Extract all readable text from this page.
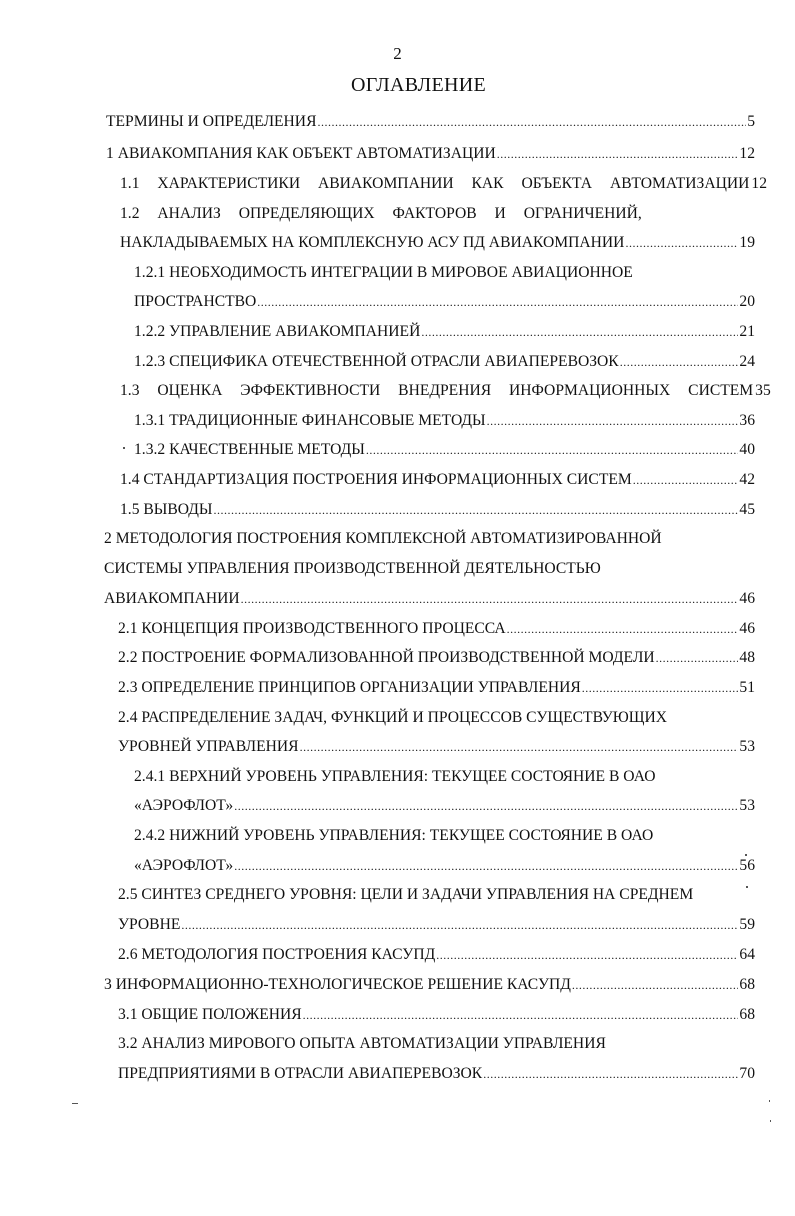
2
ОГЛАВЛЕНИЕ
ТЕРМИНЫ И ОПРЕДЕЛЕНИЯ .....	5
1 АВИАКОМПАНИЯ КАК ОБЪЕКТ АВТОМАТИЗАЦИИ .....	12
1.1 ХАРАКТЕРИСТИКИ АВИАКОМПАНИИ КАК ОБЪЕКТА АВТОМАТИЗАЦИИ 12
1.2 АНАЛИЗ ОПРЕДЕЛЯЮЩИХ ФАКТОРОВ И ОГРАНИЧЕНИЙ,
НАКЛАДЫВАЕМЫХ НА КОМПЛЕКСНУЮ АСУ ПД АВИАКОМПАНИИ .....	19
1.2.1 НЕОБХОДИМОСТЬ ИНТЕГРАЦИИ В МИРОВОЕ АВИАЦИОННОЕ
ПРОСТРАНСТВО .....	20
1.2.2 УПРАВЛЕНИЕ АВИАКОМПАНИЕЙ .....	21
1.2.3 СПЕЦИФИКА ОТЕЧЕСТВЕННОЙ ОТРАСЛИ АВИАПЕРЕВОЗОК .....	24
1.3 ОЦЕНКА ЭФФЕКТИВНОСТИ ВНЕДРЕНИЯ ИНФОРМАЦИОННЫХ СИСТЕМ 35
1.3.1 ТРАДИЦИОННЫЕ ФИНАНСОВЫЕ МЕТОДЫ .....	36
1.3.2 КАЧЕСТВЕННЫЕ МЕТОДЫ .....	40
1.4 СТАНДАРТИЗАЦИЯ ПОСТРОЕНИЯ ИНФОРМАЦИОННЫХ СИСТЕМ .....	42
1.5 ВЫВОДЫ .....	45
2 МЕТОДОЛОГИЯ ПОСТРОЕНИЯ КОМПЛЕКСНОЙ АВТОМАТИЗИРОВАННОЙ
СИСТЕМЫ УПРАВЛЕНИЯ ПРОИЗВОДСТВЕННОЙ ДЕЯТЕЛЬНОСТЬЮ
АВИАКОМПАНИИ .....	46
2.1 КОНЦЕПЦИЯ ПРОИЗВОДСТВЕННОГО ПРОЦЕССА .....	46
2.2 ПОСТРОЕНИЕ ФОРМАЛИЗОВАННОЙ ПРОИЗВОДСТВЕННОЙ МОДЕЛИ .....	48
2.3 ОПРЕДЕЛЕНИЕ ПРИНЦИПОВ ОРГАНИЗАЦИИ УПРАВЛЕНИЯ .....	51
2.4 РАСПРЕДЕЛЕНИЕ ЗАДАЧ, ФУНКЦИЙ И ПРОЦЕССОВ СУЩЕСТВУЮЩИХ
УРОВНЕЙ УПРАВЛЕНИЯ .....	53
2.4.1 ВЕРХНИЙ УРОВЕНЬ УПРАВЛЕНИЯ: ТЕКУЩЕЕ СОСТОЯНИЕ В ОАО
«АЭРОФЛОТ» .....	53
2.4.2 НИЖНИЙ УРОВЕНЬ УПРАВЛЕНИЯ: ТЕКУЩЕЕ СОСТОЯНИЕ В ОАО
«АЭРОФЛОТ» .....	56
2.5 СИНТЕЗ СРЕДНЕГО УРОВНЯ: ЦЕЛИ И ЗАДАЧИ УПРАВЛЕНИЯ НА СРЕДНЕМ
УРОВНЕ .....	59
2.6 МЕТОДОЛОГИЯ ПОСТРОЕНИЯ КАСУПД .....	64
3 ИНФОРМАЦИОННО-ТЕХНОЛОГИЧЕСКОЕ РЕШЕНИЕ КАСУПД .....	68
3.1 ОБЩИЕ ПОЛОЖЕНИЯ .....	68
3.2 АНАЛИЗ МИРОВОГО ОПЫТА АВТОМАТИЗАЦИИ УПРАВЛЕНИЯ
ПРЕДПРИЯТИЯМИ В ОТРАСЛИ АВИАПЕРЕВОЗОК .....	70
